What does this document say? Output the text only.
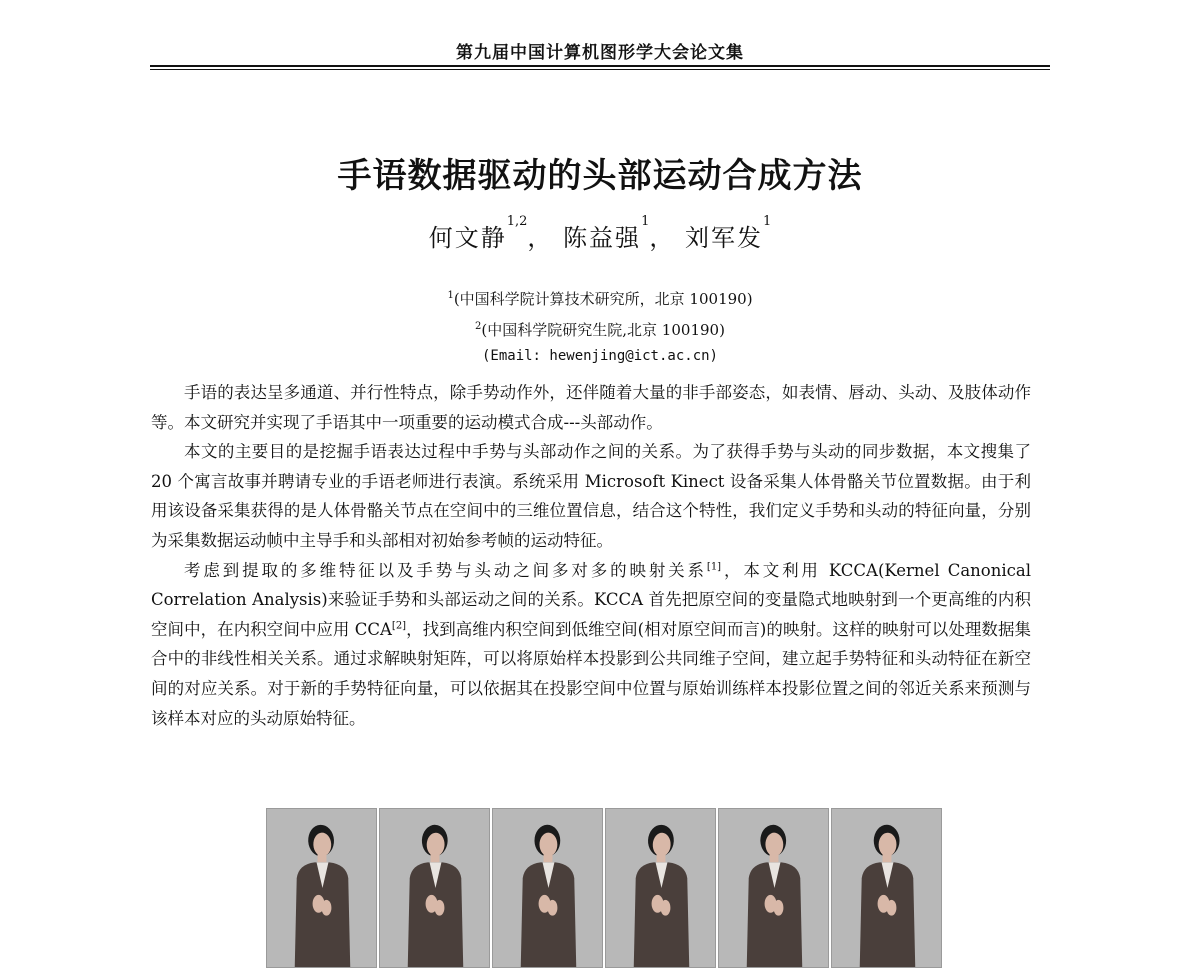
第九届中国计算机图形学大会论文集
手语数据驱动的头部运动合成方法
何文静$^{1,2}$， 陈益强$^1$， 刘军发$^1$
$^1$(中国科学院计算技术研究所，北京 100190)
$^2$(中国科学院研究生院,北京 100190)
(Email: hewenjing@ict.ac.cn)

手语的表达呈多通道、并行性特点，除手势动作外，还伴随着大量的非手部姿态，如表情、唇动、头动、及肢体动作等。本文研究并实现了手语其中一项重要的运动模式合成---头部动作。

本文的主要目的是挖掘手语表达过程中手势与头部动作之间的关系。为了获得手势与头动的同步数据，本文搜集了 20 个寓言故事并聘请专业的手语老师进行表演。系统采用 Microsoft Kinect 设备采集人体骨骼关节位置数据。由于利用该设备采集获得的是人体骨骼关节点在空间中的三维位置信息，结合这个特性，我们定义手势和头动的特征向量，分别为采集数据运动帧中主导手和头部相对初始参考帧的运动特征。

考虑到提取的多维特征以及手势与头动之间多对多的映射关系[1]，本文利用 KCCA(Kernel Canonical Correlation Analysis)来验证手势和头部运动之间的关系。KCCA 首先把原空间的变量隐式地映射到一个更高维的内积空间中，在内积空间中应用 CCA[2]，找到高维内积空间到低维空间(相对原空间而言)的映射。这样的映射可以处理数据集合中的非线性相关关系。通过求解映射矩阵，可以将原始样本投影到公共同维子空间，建立起手势特征和头动特征在新空间的对应关系。对于新的手势特征向量，可以依据其在投影空间中位置与原始训练样本投影位置之间的邻近关系来预测与该样本对应的头动原始特征。
